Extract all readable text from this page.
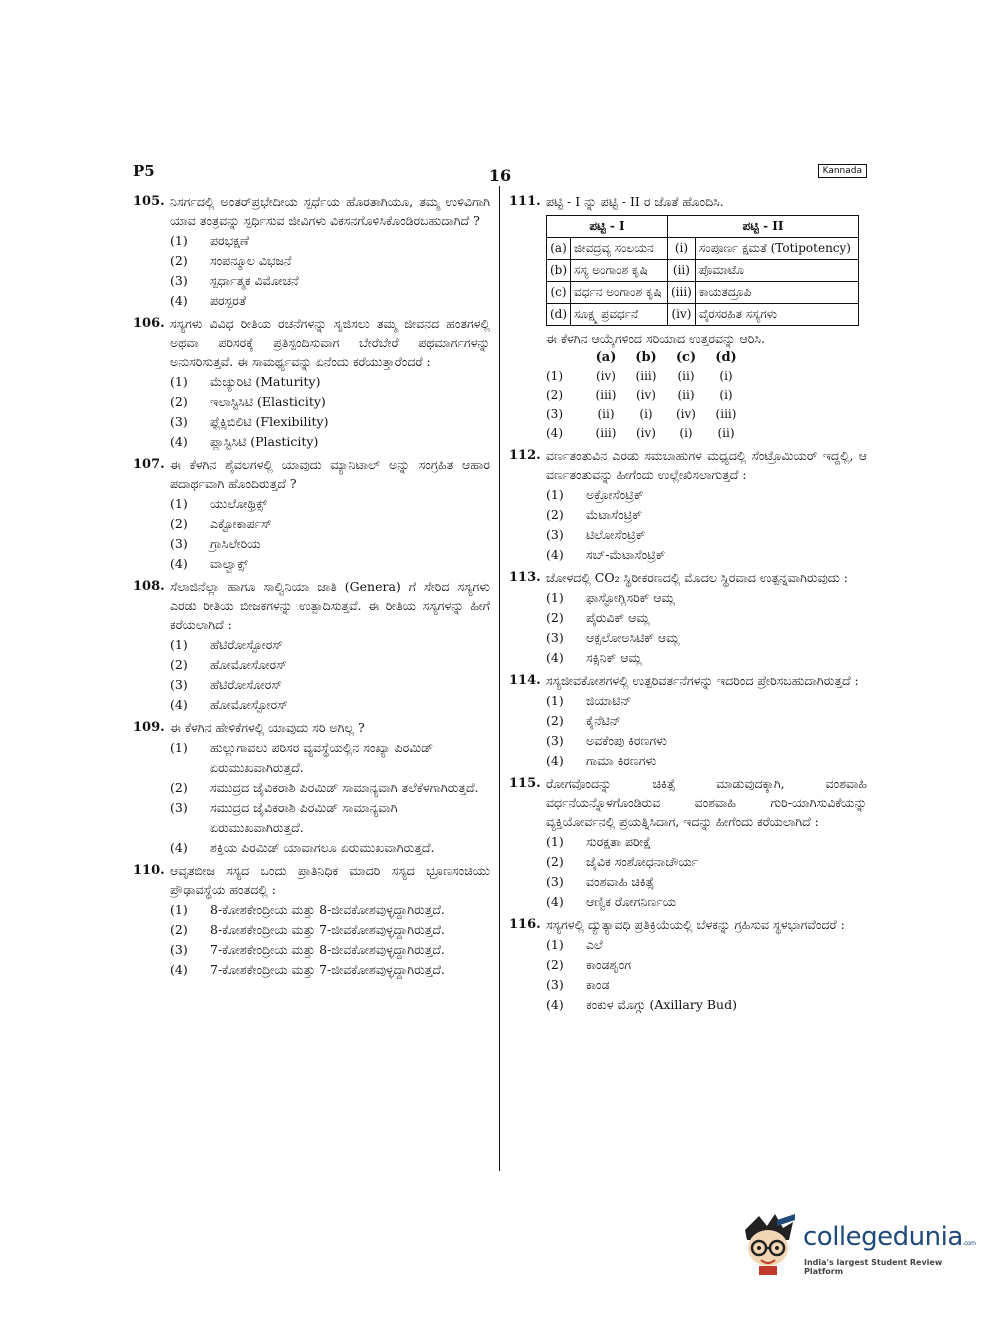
P5	16	Kannada
105. ನಿಸರ್ಗದಲ್ಲಿ ಅಂತರ್‌ಪ್ರಭೇದೀಯ ಸ್ಪರ್ಧೆಯ ಹೊರತಾಗಿಯೂ, ತಮ್ಮ ಉಳಿವಿಗಾಗಿ ಯಾವ ತಂತ್ರವನ್ನು ಸ್ಪರ್ಧಿಸುವ ಜೀವಿಗಳು ವಿಕಸನಗೊಳಿಸಿಕೊಂಡಿರಬಹುದಾಗಿದೆ ?
(1)	ಪರಭಕ್ಷಣೆ
(2)	ಸಂಪನ್ಮೂಲ ವಿಭಜನೆ
(3)	ಸ್ಪರ್ಧಾತ್ಮಕ ವಿಮೋಚನೆ
(4)	ಪರಸ್ಪರತೆ
106. ಸಸ್ಯಗಳು ವಿವಿಧ ರೀತಿಯ ರಚನೆಗಳನ್ನು ಸೃಜಿಸಲು ತಮ್ಮ ಜೀವನದ ಹಂತಗಳಲ್ಲಿ ಅಥವಾ ಪರಿಸರಕ್ಕೆ ಪ್ರತಿಸ್ಪಂದಿಸುವಾಗ ಬೇರೆಬೇರೆ ಪಥಮಾರ್ಗಗಳನ್ನು ಅನುಸರಿಸುತ್ತವೆ. ಈ ಸಾಮರ್ಥ್ಯವನ್ನು ಏನೆಂದು ಕರೆಯುತ್ತಾರೆಂದರೆ :
(1)	ಮೆಚ್ಯುರಿಟಿ (Maturity)
(2)	ಇಲಾಸ್ಟಿಸಿಟಿ (Elasticity)
(3)	ಫ್ಲೆಕ್ಸಿಬಿಲಿಟಿ (Flexibility)
(4)	ಪ್ಲಾಸ್ಟಿಸಿಟಿ (Plasticity)
107. ಈ ಕೆಳಗಿನ ಶೈವಲಗಳಲ್ಲಿ ಯಾವುದು ಮ್ಯಾನಿಟಾಲ್ ಅನ್ನು ಸಂಗ್ರಹಿತ ಆಹಾರ ಪದಾರ್ಥವಾಗಿ ಹೊಂದಿರುತ್ತದೆ ?
(1)	ಯುಲೋಥ್ರಿಕ್ಸ್
(2)	ಎಕ್ಟೋಕಾರ್ಪಸ್
(3)	ಗ್ರಾಸಿಲೇರಿಯ
(4)	ವಾಲ್ವಾಕ್ಸ್
108. ಸೆಲಾಜಿನೆಲ್ಲಾ ಹಾಗೂ ಸಾಲ್ವಿನಿಯಾ ಜಾತಿ (Genera) ಗೆ ಸೇರಿದ ಸಸ್ಯಗಳು ಎರಡು ರೀತಿಯ ಬೀಜಕಗಳನ್ನು ಉತ್ಪಾದಿಸುತ್ತವೆ. ಈ ರೀತಿಯ ಸಸ್ಯಗಳನ್ನು ಹೀಗೆ ಕರೆಯಲಾಗಿದೆ :
(1)	ಹೆಟಿರೋಸ್ಪೋರಸ್
(2)	ಹೋಮೋಸೋರಸ್
(3)	ಹೆಟಿರೋಸೋರಸ್
(4)	ಹೋಮೋಸ್ಪೋರಸ್
109. ಈ ಕೆಳಗಿನ ಹೇಳಿಕೆಗಳಲ್ಲಿ ಯಾವುದು ಸರಿ ಅಗಿಲ್ಲ ?
(1)	ಹುಲ್ಲುಗಾವಲು ಪರಿಸರ ವ್ಯವಸ್ಥೆಯಲ್ಲಿನ ಸಂಖ್ಯಾ ಪಿರಮಿಡ್ ಏರುಮುಖವಾಗಿರುತ್ತದೆ.
(2)	ಸಮುದ್ರದ ಜೈವಿಕರಾಶಿ ಪಿರಮಿಡ್ ಸಾಮಾನ್ಯವಾಗಿ ತಲೆಕೆಳಗಾಗಿರುತ್ತದೆ.
(3)	ಸಮುದ್ರದ ಜೈವಿಕರಾಶಿ ಪಿರಮಿಡ್ ಸಾಮಾನ್ಯವಾಗಿ ಏರುಮುಖವಾಗಿರುತ್ತದೆ.
(4)	ಶಕ್ತಿಯ ಪಿರಮಿಡ್ ಯಾವಾಗಲೂ ಏರುಮುಖವಾಗಿರುತ್ತದೆ.
110. ಆವೃತಬೀಜ ಸಸ್ಯದ ಒಂದು ಪ್ರಾತಿನಿಧಿಕ ಮಾದರಿ ಸಸ್ಯದ ಭ್ರೂಣಸಂಚಿಯು ಪ್ರೌಢಾವಸ್ಥೆಯ ಹಂತದಲ್ಲಿ :
(1)	8-ಕೋಶಕೇಂದ್ರೀಯ ಮತ್ತು 8-ಜೀವಕೋಶವುಳ್ಳದ್ದಾಗಿರುತ್ತದೆ.
(2)	8-ಕೋಶಕೇಂದ್ರೀಯ ಮತ್ತು 7-ಜೀವಕೋಶವುಳ್ಳದ್ದಾಗಿರುತ್ತದೆ.
(3)	7-ಕೋಶಕೇಂದ್ರೀಯ ಮತ್ತು 8-ಜೀವಕೋಶವುಳ್ಳದ್ದಾಗಿರುತ್ತದೆ.
(4)	7-ಕೋಶಕೇಂದ್ರೀಯ ಮತ್ತು 7-ಜೀವಕೋಶವುಳ್ಳದ್ದಾಗಿರುತ್ತದೆ.
111. ಪಟ್ಟಿ - I ನ್ನು ಪಟ್ಟಿ - II ರ ಜೊತೆ ಹೊಂದಿಸಿ.
ಪಟ್ಟಿ - I		ಪಟ್ಟಿ - II	
(a)	ಜೀವದ್ರವ್ಯ ಸಂಲಯನ	(i)	ಸಂಪೂರ್ಣ ಕ್ಷಮತೆ (Totipotency)
(b)	ಸಸ್ಯ ಅಂಗಾಂಶ ಕೃಷಿ	(ii)	ಪೊಮಾಟೊ
(c)	ವರ್ಧನ ಅಂಗಾಂಶ ಕೃಷಿ	(iii)	ಕಾಯತದ್ರೂಪಿ
(d)	ಸೂಕ್ಷ್ಮ ಪ್ರವರ್ಧನೆ	(iv)	ವೈರಸರಹಿತ ಸಸ್ಯಗಳು
ಈ ಕೆಳಗಿನ ಆಯ್ಕೆಗಳಿಂದ ಸರಿಯಾದ ಉತ್ತರವನ್ನು ಆರಿಸಿ.
	(a)	(b)	(c)	(d)
(1)	(iv)	(iii)	(ii)	(i)
(2)	(iii)	(iv)	(ii)	(i)
(3)	(ii)	(i)	(iv)	(iii)
(4)	(iii)	(iv)	(i)	(ii)
112. ವರ್ಣತಂತುವಿನ ಎರಡು ಸಮಬಾಹುಗಳ ಮಧ್ಯದಲ್ಲಿ ಸೆಂಟ್ರೊಮಿಯರ್ ಇದ್ದಲ್ಲಿ, ಆ ವರ್ಣತಂತುವನ್ನು ಹೀಗೆಂದು ಉಲ್ಲೇಖಿಸಲಾಗುತ್ತದೆ :
(1)	ಅಕ್ರೋಸೆಂಟ್ರಿಕ್
(2)	ಮೆಟಾಸೆಂಟ್ರಿಕ್
(3)	ಟಿಲೋಸೆಂಟ್ರಿಕ್
(4)	ಸಬ್-ಮೆಟಾಸೆಂಟ್ರಿಕ್
113. ಜೋಳದಲ್ಲಿ CO₂ ಸ್ಥಿರೀಕರಣದಲ್ಲಿ ಮೊದಲ ಸ್ಥಿರವಾದ ಉತ್ಪನ್ನವಾಗಿರುವುದು :
(1)	ಫಾಸ್ಫೋಗ್ಲಿಸರಿಕ್ ಆಮ್ಲ
(2)	ಪೈರುವಿಕ್ ಆಮ್ಲ
(3)	ಆಕ್ಸಲೋಅಸಿಟಿಕ್ ಆಮ್ಲ
(4)	ಸಕ್ಸಿನಿಕ್ ಆಮ್ಲ
114. ಸಸ್ಯಜೀವಕೋಶಗಳಲ್ಲಿ ಉತ್ಪರಿವರ್ತನೆಗಳನ್ನು ಇದರಿಂದ ಪ್ರೇರಿಸಬಹುದಾಗಿರುತ್ತದೆ :
(1)	ಜಿಯಾಟಿನ್
(2)	ಕೈನೆಟಿನ್
(3)	ಅವಕೆಂಪು ಕಿರಣಗಳು
(4)	ಗಾಮಾ ಕಿರಣಗಳು
115. ರೋಗವೊಂದನ್ನು ಚಿಕಿತ್ಸೆ ಮಾಡುವುದಕ್ಕಾಗಿ, ವಂಶವಾಹಿ ವರ್ಧನೆಯನ್ನೊಳಗೊಂಡಿರುವ ವಂಶವಾಹಿ ಗುರಿ-ಯಾಗಿಸುವಿಕೆಯನ್ನು ವ್ಯಕ್ತಿಯೋರ್ವನಲ್ಲಿ ಪ್ರಯತ್ನಿಸಿದಾಗ, ಇದನ್ನು ಹೀಗೆಂದು ಕರೆಯಲಾಗಿದೆ :
(1)	ಸುರಕ್ಷತಾ ಪರೀಕ್ಷೆ
(2)	ಜೈವಿಕ ಸಂಶೋಧನಾಚೌರ್ಯ
(3)	ವಂಶವಾಹಿ ಚಿಕಿತ್ಸೆ
(4)	ಆಣ್ವಿಕ ರೋಗನಿರ್ಣಯ
116. ಸಸ್ಯಗಳಲ್ಲಿ ದ್ಯುತ್ಯಾವಧಿ ಪ್ರತಿಕ್ರಿಯೆಯಲ್ಲಿ ಬೆಳಕನ್ನು ಗ್ರಹಿಸುವ ಸ್ಥಳಭಾಗವೆಂದರೆ :
(1)	ಎಲೆ
(2)	ಕಾಂಡಶೃಂಗ
(3)	ಕಾಂಡ
(4)	ಕಂಕುಳ ಮೊಗ್ಗು (Axillary Bud)
collegedunia.com
India's largest Student Review Platform
